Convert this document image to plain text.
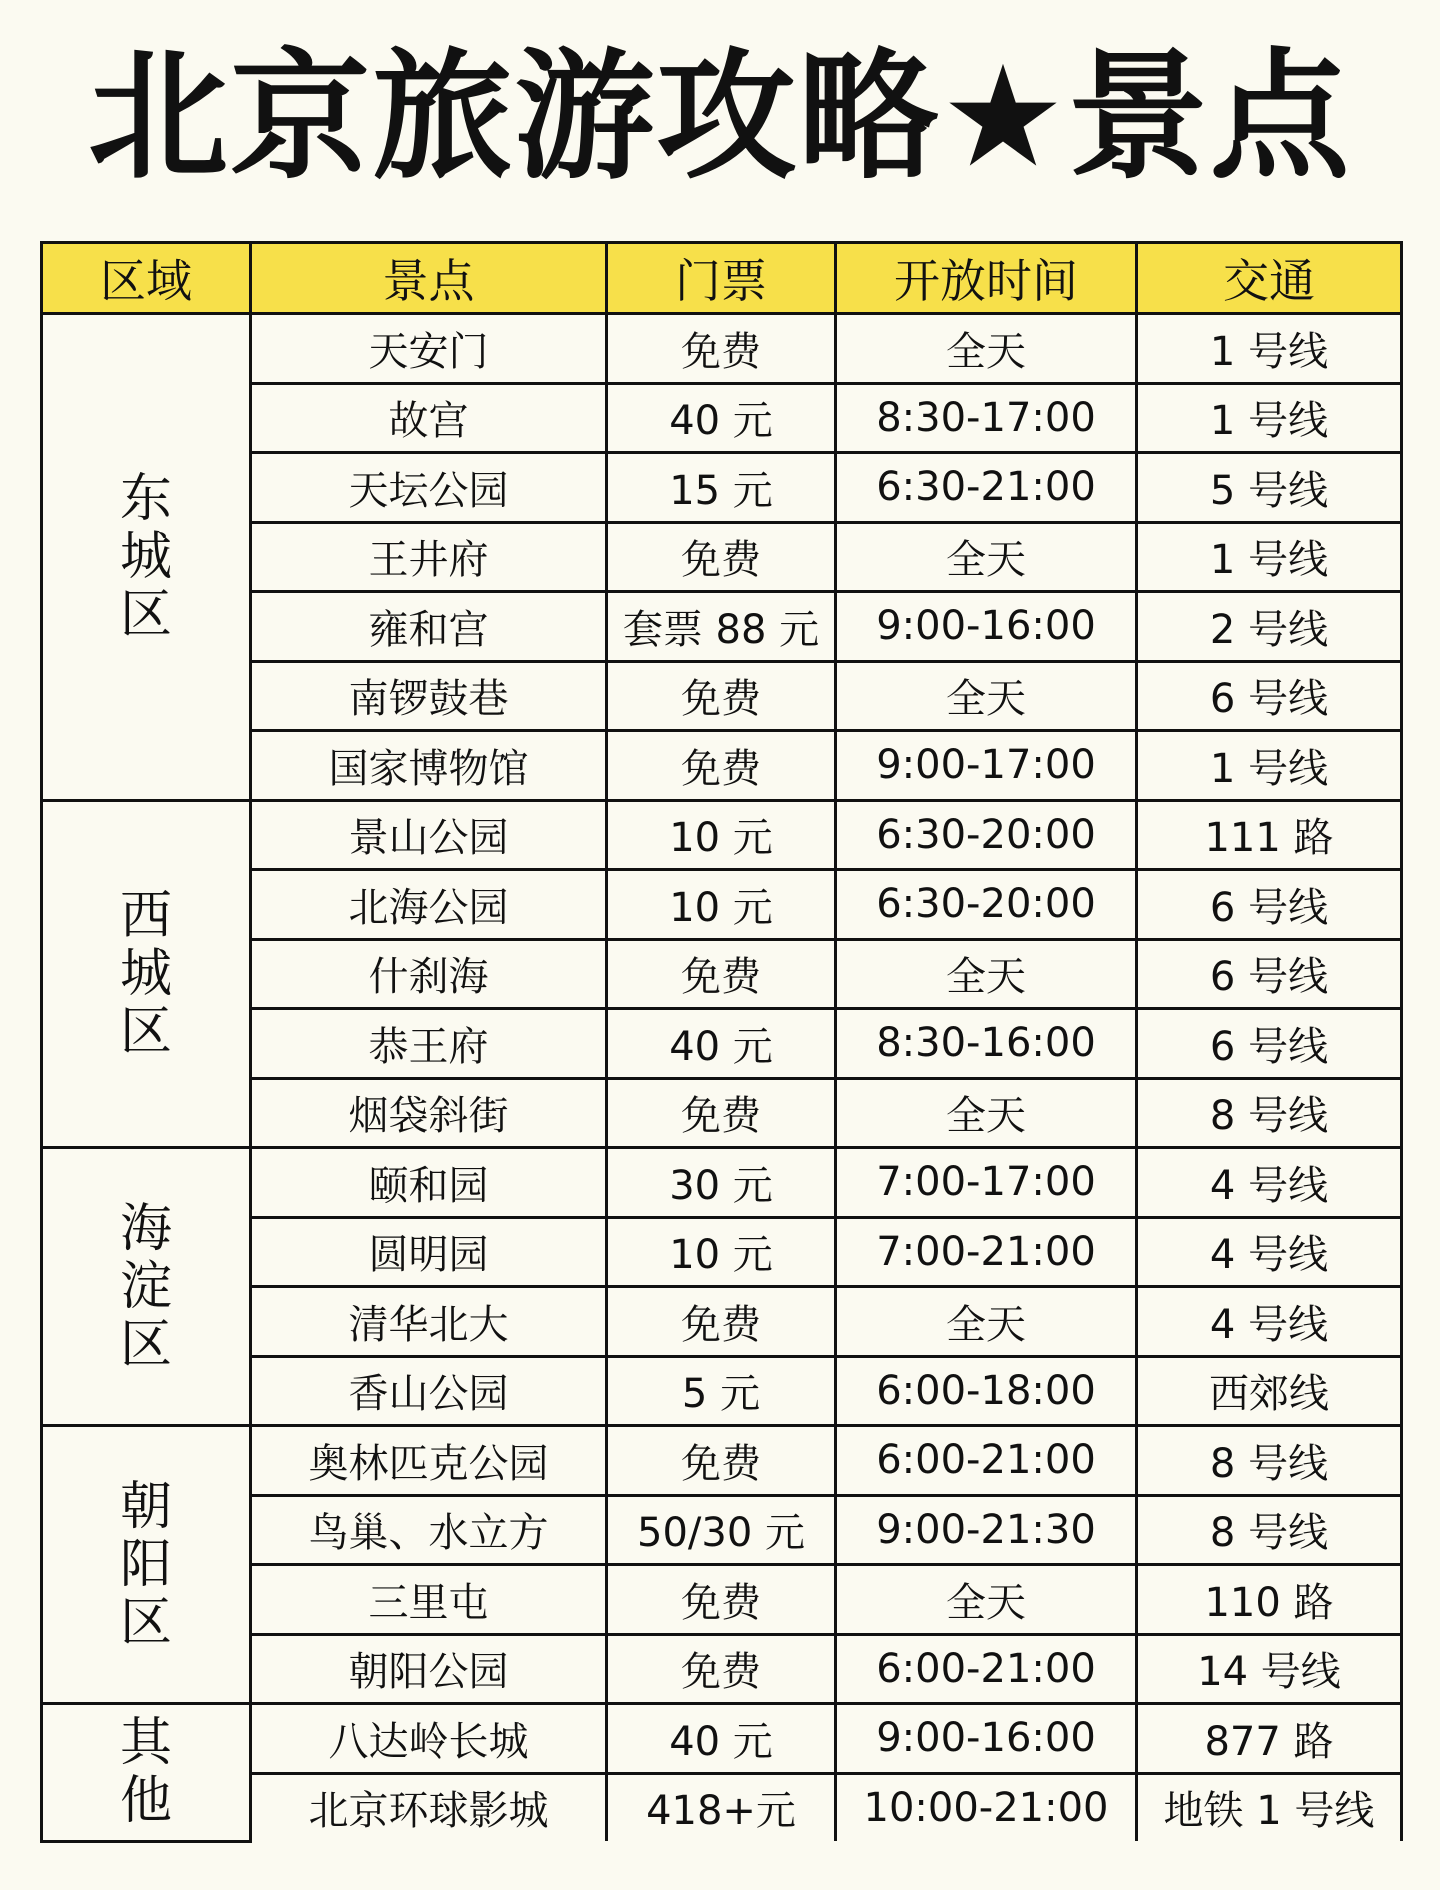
北京旅游攻略★景点
区域	景点	门票	开放时间	交通
东城区	天安门	免费	全天	1 号线
	故宫	40 元	8:30-17:00	1 号线
	天坛公园	15 元	6:30-21:00	5 号线
	王井府	免费	全天	1 号线
	雍和宫	套票 88 元	9:00-16:00	2 号线
	南锣鼓巷	免费	全天	6 号线
	国家博物馆	免费	9:00-17:00	1 号线
西城区	景山公园	10 元	6:30-20:00	111 路
	北海公园	10 元	6:30-20:00	6 号线
	什刹海	免费	全天	6 号线
	恭王府	40 元	8:30-16:00	6 号线
	烟袋斜街	免费	全天	8 号线
海淀区	颐和园	30 元	7:00-17:00	4 号线
	圆明园	10 元	7:00-21:00	4 号线
	清华北大	免费	全天	4 号线
	香山公园	5 元	6:00-18:00	西郊线
朝阳区	奥林匹克公园	免费	6:00-21:00	8 号线
	鸟巢、水立方	50/30 元	9:00-21:30	8 号线
	三里屯	免费	全天	110 路
	朝阳公园	免费	6:00-21:00	14 号线
其他	八达岭长城	40 元	9:00-16:00	877 路
	北京环球影城	418+元	10:00-21:00	地铁 1 号线
